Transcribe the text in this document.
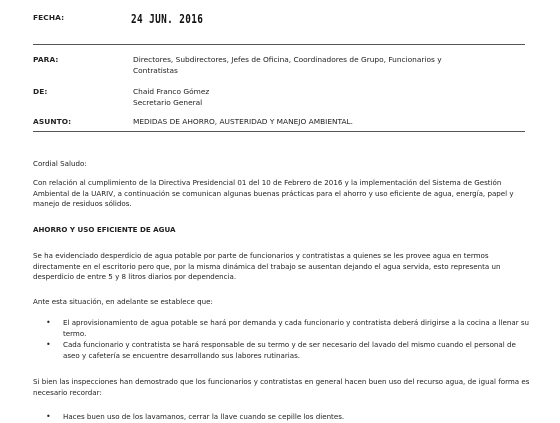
FECHA:	24 JUN. 2016
PARA:	Directores, Subdirectores, Jefes de Oficina, Coordinadores de Grupo, Funcionarios y
Contratistas
DE:	Chaid Franco Gómez
Secretario General
ASUNTO:	MEDIDAS DE AHORRO, AUSTERIDAD Y MANEJO AMBIENTAL.

Cordial Saludo:

Con relación al cumplimiento de la Directiva Presidencial 01 del 10 de Febrero de 2016 y la implementación del Sistema de Gestión Ambiental de la UARIV, a continuación se comunican algunas buenas prácticas para el ahorro y uso eficiente de agua, energía, papel y manejo de residuos sólidos.

AHORRO Y USO EFICIENTE DE AGUA

Se ha evidenciado desperdicio de agua potable por parte de funcionarios y contratistas a quienes se les provee agua en termos directamente en el escritorio pero que, por la misma dinámica del trabajo se ausentan dejando el agua servida, esto representa un desperdicio de entre 5 y 8 litros diarios por dependencia.

Ante esta situación, en adelante se establece que:

• El aprovisionamiento de agua potable se hará por demanda y cada funcionario y contratista deberá dirigirse a la cocina a llenar su termo.
• Cada funcionario y contratista se hará responsable de su termo y de ser necesario del lavado del mismo cuando el personal de aseo y cafetería se encuentre desarrollando sus labores rutinarias.

Si bien las inspecciones han demostrado que los funcionarios y contratistas en general hacen buen uso del recurso agua, de igual forma es necesario recordar:

• Haces buen uso de los lavamanos, cerrar la llave cuando se cepille los dientes.
